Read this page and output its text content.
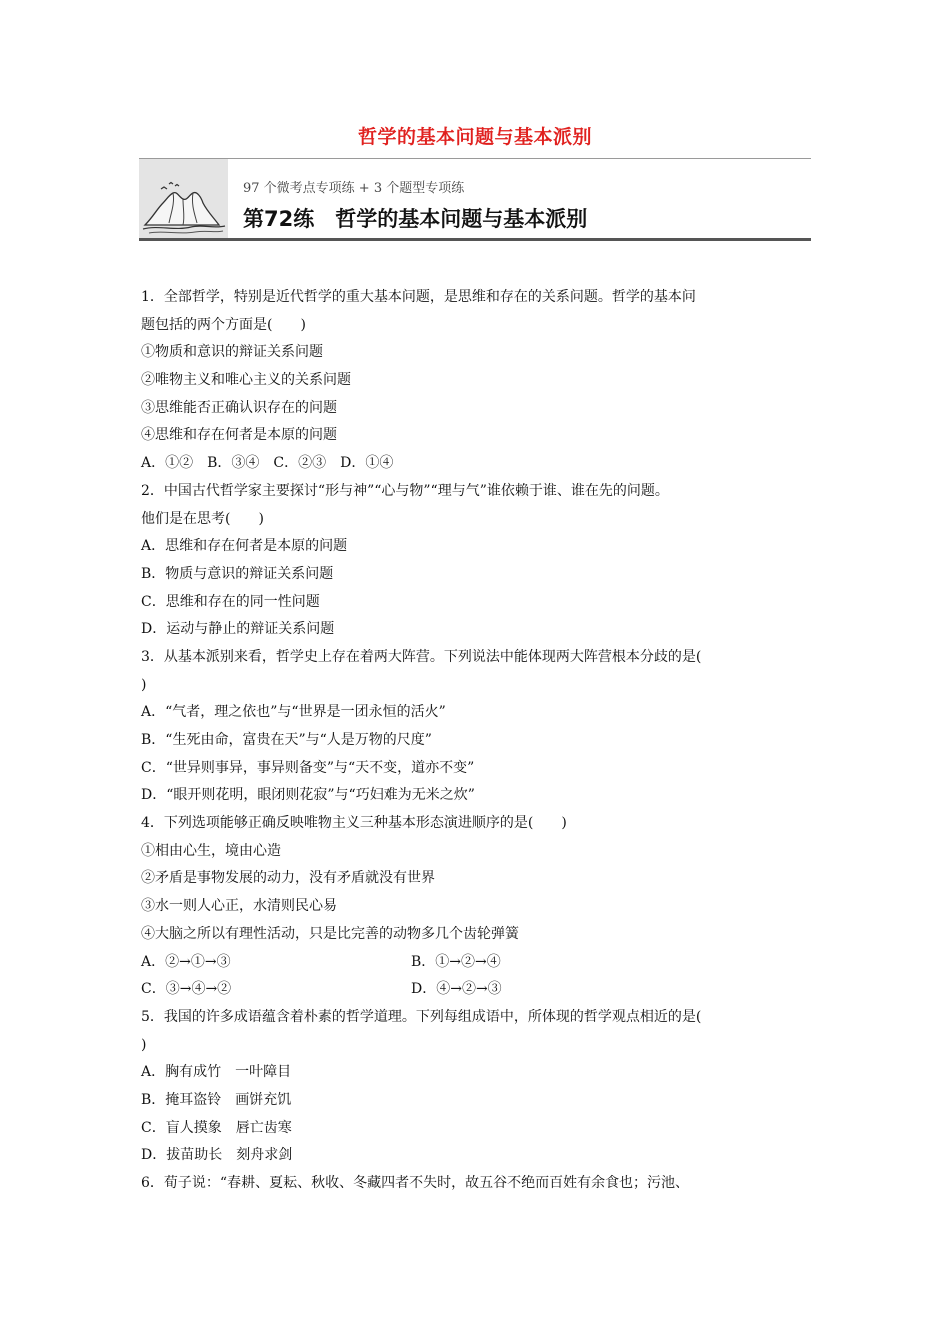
哲学的基本问题与基本派别
97 个微考点专项练 + 3 个题型专项练
第72练　哲学的基本问题与基本派别
1．全部哲学，特别是近代哲学的重大基本问题，是思维和存在的关系问题。哲学的基本问
题包括的两个方面是(　　)
①物质和意识的辩证关系问题
②唯物主义和唯心主义的关系问题
③思维能否正确认识存在的问题
④思维和存在何者是本原的问题
A．①②　B．③④　C．②③　D．①④
2．中国古代哲学家主要探讨“形与神”“心与物”“理与气”谁依赖于谁、谁在先的问题。
他们是在思考(　　)
A．思维和存在何者是本原的问题
B．物质与意识的辩证关系问题
C．思维和存在的同一性问题
D．运动与静止的辩证关系问题
3．从基本派别来看，哲学史上存在着两大阵营。下列说法中能体现两大阵营根本分歧的是(
)
A．“气者，理之依也”与“世界是一团永恒的活火”
B．“生死由命，富贵在天”与“人是万物的尺度”
C．“世异则事异，事异则备变”与“天不变，道亦不变”
D．“眼开则花明，眼闭则花寂”与“巧妇难为无米之炊”
4．下列选项能够正确反映唯物主义三种基本形态演进顺序的是(　　)
①相由心生，境由心造
②矛盾是事物发展的动力，没有矛盾就没有世界
③水一则人心正，水清则民心易
④大脑之所以有理性活动，只是比完善的动物多几个齿轮弹簧
A．②→①→③	B．①→②→④
C．③→④→②	D．④→②→③
5．我国的许多成语蕴含着朴素的哲学道理。下列每组成语中，所体现的哲学观点相近的是(
)
A．胸有成竹　一叶障目
B．掩耳盗铃　画饼充饥
C．盲人摸象　唇亡齿寒
D．拔苗助长　刻舟求剑
6．荀子说：“春耕、夏耘、秋收、冬藏四者不失时，故五谷不绝而百姓有余食也；污池、
